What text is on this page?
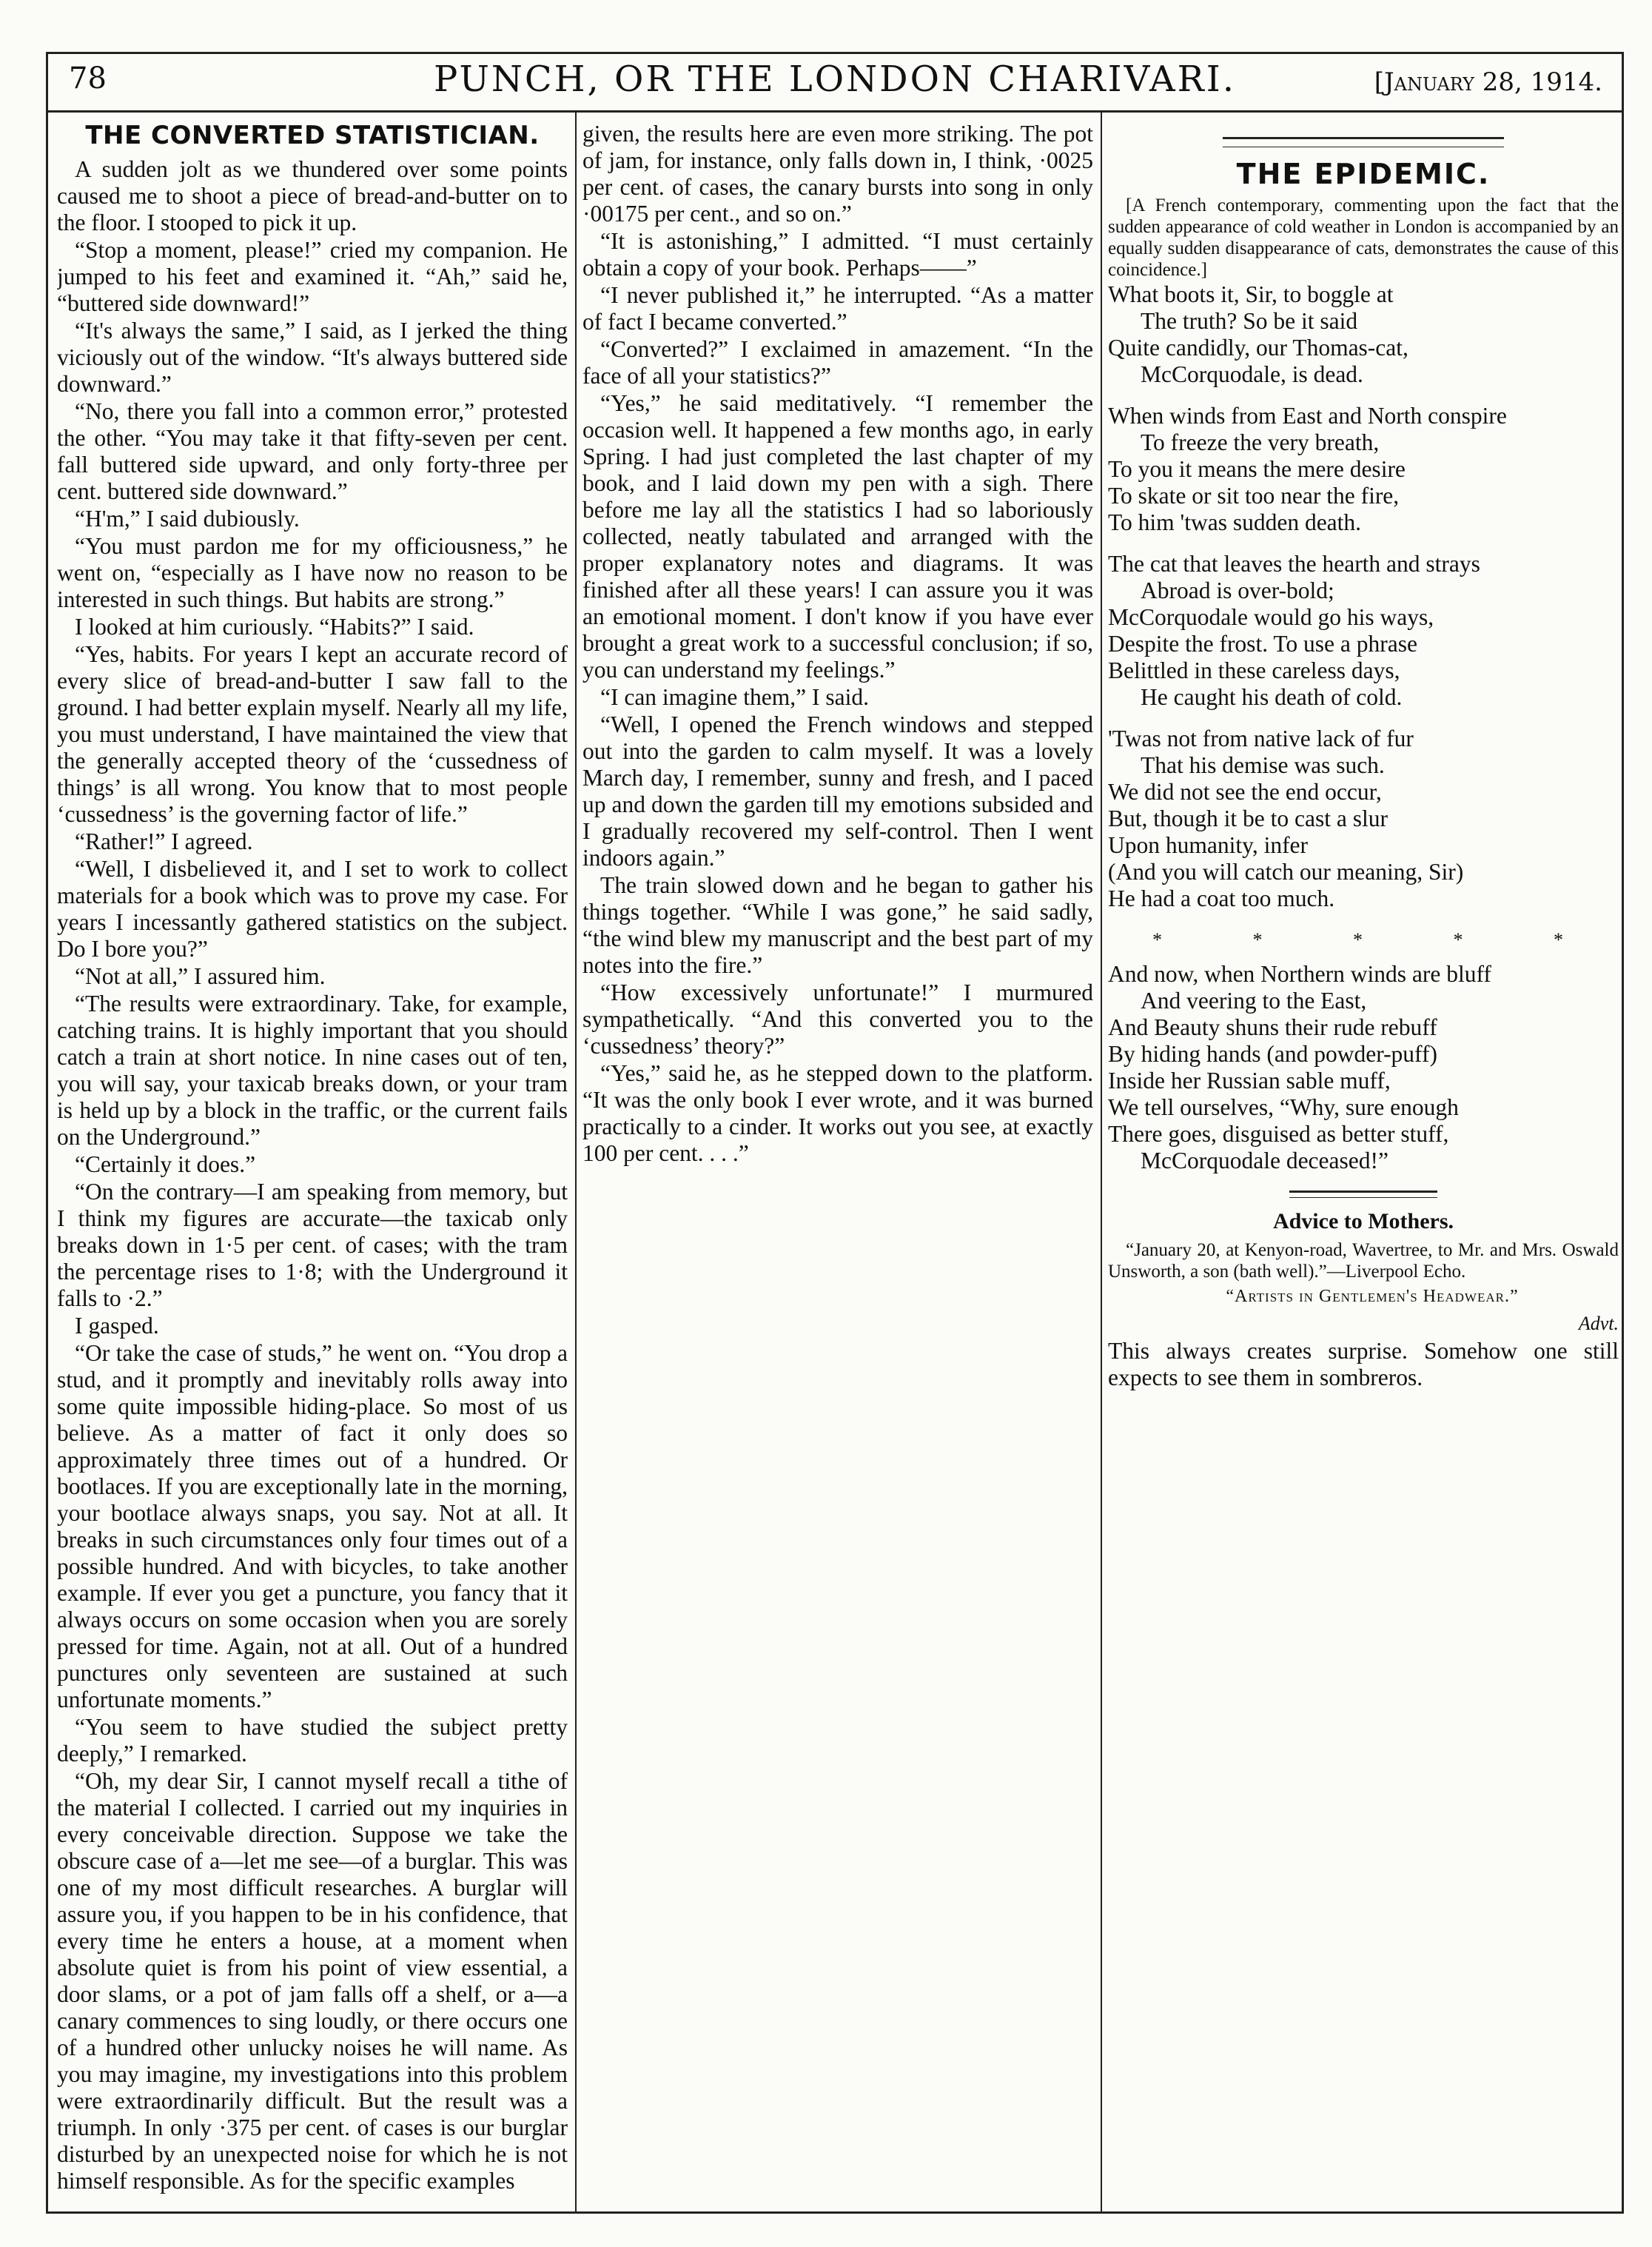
78	PUNCH, OR THE LONDON CHARIVARI.	[January 28, 1914.
THE CONVERTED STATISTICIAN.

A sudden jolt as we thundered over some points caused me to shoot a piece of bread-and-butter on to the floor. I stooped to pick it up.

“Stop a moment, please!” cried my companion. He jumped to his feet and examined it. “Ah,” said he, “buttered side downward!”

“It's always the same,” I said, as I jerked the thing viciously out of the window. “It's always buttered side downward.”

“No, there you fall into a common error,” protested the other. “You may take it that fifty-seven per cent. fall buttered side upward, and only forty-three per cent. buttered side downward.”

“H'm,” I said dubiously.

“You must pardon me for my officiousness,” he went on, “especially as I have now no reason to be interested in such things. But habits are strong.”

I looked at him curiously. “Habits?” I said.

“Yes, habits. For years I kept an accurate record of every slice of bread-and-butter I saw fall to the ground. I had better explain myself. Nearly all my life, you must understand, I have maintained the view that the generally accepted theory of the ‘cussedness of things’ is all wrong. You know that to most people ‘cussedness’ is the governing factor of life.”

“Rather!” I agreed.

“Well, I disbelieved it, and I set to work to collect materials for a book which was to prove my case. For years I incessantly gathered statistics on the subject. Do I bore you?”

“Not at all,” I assured him.

“The results were extraordinary. Take, for example, catching trains. It is highly important that you should catch a train at short notice. In nine cases out of ten, you will say, your taxicab breaks down, or your tram is held up by a block in the traffic, or the current fails on the Underground.”

“Certainly it does.”

“On the contrary—I am speaking from memory, but I think my figures are accurate—the taxicab only breaks down in 1·5 per cent. of cases; with the tram the percentage rises to 1·8; with the Underground it falls to ·2.”

I gasped.

“Or take the case of studs,” he went on. “You drop a stud, and it promptly and inevitably rolls away into some quite impossible hiding-place. So most of us believe. As a matter of fact it only does so approximately three times out of a hundred. Or bootlaces. If you are exceptionally late in the morning, your bootlace always snaps, you say. Not at all. It breaks in such circumstances only four times out of a possible hundred. And with bicycles, to take another example. If ever you get a puncture, you fancy that it always occurs on some occasion when you are sorely pressed for time. Again, not at all. Out of a hundred punctures only seventeen are sustained at such unfortunate moments.”

“You seem to have studied the subject pretty deeply,” I remarked.

“Oh, my dear Sir, I cannot myself recall a tithe of the material I collected. I carried out my inquiries in every conceivable direction. Suppose we take the obscure case of a—let me see—of a burglar. This was one of my most difficult researches. A burglar will assure you, if you happen to be in his confidence, that every time he enters a house, at a moment when absolute quiet is from his point of view essential, a door slams, or a pot of jam falls off a shelf, or a—a canary commences to sing loudly, or there occurs one of a hundred other unlucky noises he will name. As you may imagine, my investigations into this problem were extraordinarily difficult. But the result was a triumph. In only ·375 per cent. of cases is our burglar disturbed by an unexpected noise for which he is not himself responsible. As for the specific examples

given, the results here are even more striking. The pot of jam, for instance, only falls down in, I think, ·0025 per cent. of cases, the canary bursts into song in only ·00175 per cent., and so on.”

“It is astonishing,” I admitted. “I must certainly obtain a copy of your book. Perhaps——”

“I never published it,” he interrupted. “As a matter of fact I became converted.”

“Converted?” I exclaimed in amazement. “In the face of all your statistics?”

“Yes,” he said meditatively. “I remember the occasion well. It happened a few months ago, in early Spring. I had just completed the last chapter of my book, and I laid down my pen with a sigh. There before me lay all the statistics I had so laboriously collected, neatly tabulated and arranged with the proper explanatory notes and diagrams. It was finished after all these years! I can assure you it was an emotional moment. I don't know if you have ever brought a great work to a successful conclusion; if so, you can understand my feelings.”

“I can imagine them,” I said.

“Well, I opened the French windows and stepped out into the garden to calm myself. It was a lovely March day, I remember, sunny and fresh, and I paced up and down the garden till my emotions subsided and I gradually recovered my self-control. Then I went indoors again.”

The train slowed down and he began to gather his things together. “While I was gone,” he said sadly, “the wind blew my manuscript and the best part of my notes into the fire.”

“How excessively unfortunate!” I murmured sympathetically. “And this converted you to the ‘cussedness’ theory?”

“Yes,” said he, as he stepped down to the platform. “It was the only book I ever wrote, and it was burned practically to a cinder. It works out you see, at exactly 100 per cent. . . .”

THE EPIDEMIC.

[A French contemporary, commenting upon the fact that the sudden appearance of cold weather in London is accompanied by an equally sudden disappearance of cats, demonstrates the cause of this coincidence.]

What boots it, Sir, to boggle at
The truth? So be it said
Quite candidly, our Thomas-cat,
McCorquodale, is dead.
When winds from East and North conspire
To freeze the very breath,
To you it means the mere desire
To skate or sit too near the fire,
To him 'twas sudden death.
The cat that leaves the hearth and strays
Abroad is over-bold;
McCorquodale would go his ways,
Despite the frost. To use a phrase
Belittled in these careless days,
He caught his death of cold.
'Twas not from native lack of fur
That his demise was such.
We did not see the end occur,
But, though it be to cast a slur
Upon humanity, infer
(And you will catch our meaning, Sir)
He had a coat too much.
* * * * *
And now, when Northern winds are bluff
And veering to the East,
And Beauty shuns their rude rebuff
By hiding hands (and powder-puff)
Inside her Russian sable muff,
We tell ourselves, “Why, sure enough
There goes, disguised as better stuff,
McCorquodale deceased!”
Advice to Mothers.

“January 20, at Kenyon-road, Wavertree, to Mr. and Mrs. Oswald Unsworth, a son (bath well).”—Liverpool Echo.

“Artists in Gentlemen's Headwear.”

Advt.

This always creates surprise. Somehow one still expects to see them in sombreros.
